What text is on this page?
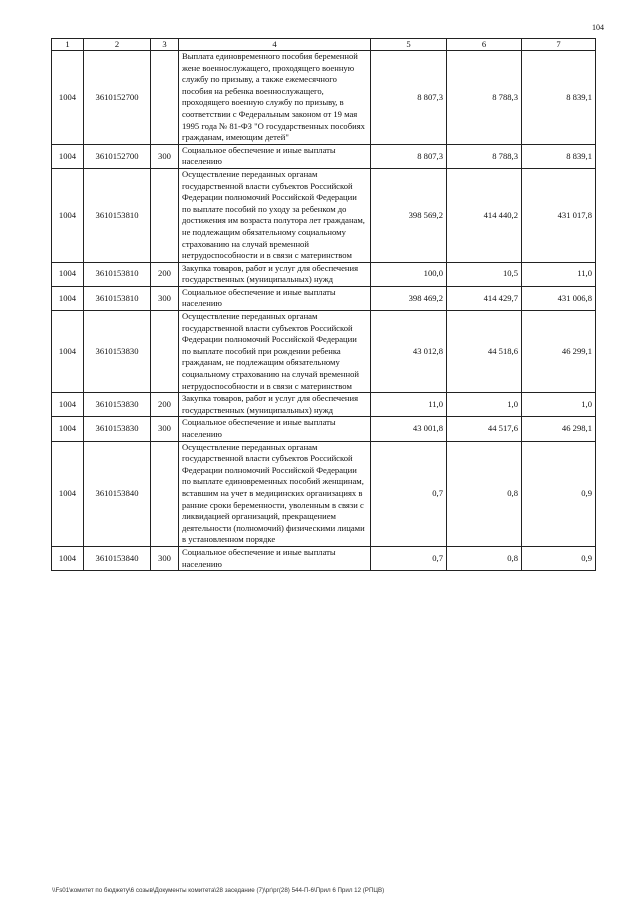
104
1	2	3	4	5	6	7
1004	3610152700		Выплата единовременного пособия беременной жене военнослужащего, проходящего военную службу по призыву, а также ежемесячного пособия на ребенка военнослужащего, проходящего военную службу по призыву, в соответствии с Федеральным законом от 19 мая 1995 года № 81-ФЗ "О государственных пособиях гражданам, имеющим детей"	8 807,3	8 788,3	8 839,1
1004	3610152700	300	Социальное обеспечение и иные выплаты населению	8 807,3	8 788,3	8 839,1
1004	3610153810		Осуществление переданных органам государственной власти субъектов Российской Федерации полномочий Российской Федерации по выплате пособий по уходу за ребенком до достижения им возраста полутора лет гражданам, не подлежащим обязательному социальному страхованию на случай временной нетрудоспособности и в связи с материнством	398 569,2	414 440,2	431 017,8
1004	3610153810	200	Закупка товаров, работ и услуг для обеспечения государственных (муниципальных) нужд	100,0	10,5	11,0
1004	3610153810	300	Социальное обеспечение и иные выплаты населению	398 469,2	414 429,7	431 006,8
1004	3610153830		Осуществление переданных органам государственной власти субъектов Российской Федерации полномочий Российской Федерации по выплате пособий при рождении ребенка гражданам, не подлежащим обязательному социальному страхованию на случай временной нетрудоспособности и в связи с материнством	43 012,8	44 518,6	46 299,1
1004	3610153830	200	Закупка товаров, работ и услуг для обеспечения государственных (муниципальных) нужд	11,0	1,0	1,0
1004	3610153830	300	Социальное обеспечение и иные выплаты населению	43 001,8	44 517,6	46 298,1
1004	3610153840		Осуществление переданных органам государственной власти субъектов Российской Федерации полномочий Российской Федерации по выплате единовременных пособий женщинам, вставшим на учет в медицинских организациях в ранние сроки беременности, уволенным в связи с ликвидацией организаций, прекращением деятельности (полномочий) физическими лицами в установленном порядке	0,7	0,8	0,9
1004	3610153840	300	Социальное обеспечение и иные выплаты населению	0,7	0,8	0,9
\\Fs01\комитет по бюджету\6 созыв\Документы комитета\28 заседание (7)\рг\рг(28) 544-П-6\Прил 6 Прил 12 (РПЦВ)
